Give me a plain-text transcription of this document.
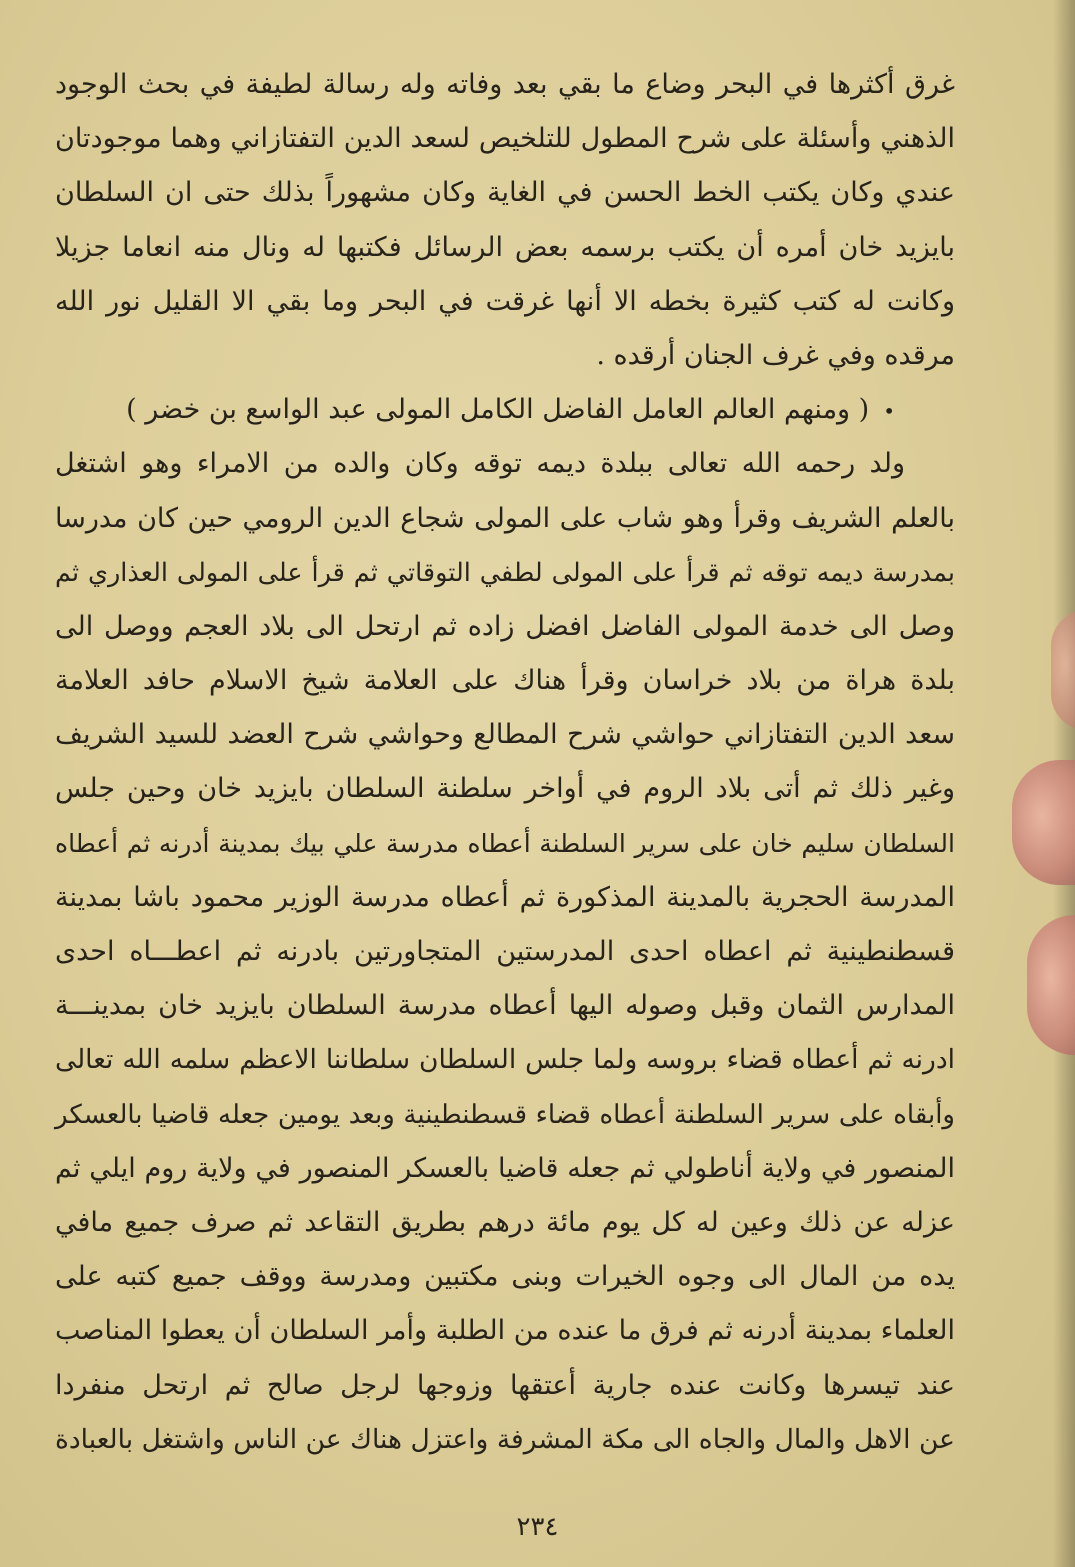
غرق أكثرها في البحر وضاع ما بقي بعد وفاته وله رسالة لطيفة في بحث الوجود
الذهني وأسئلة على شرح المطول للتلخيص لسعد الدين التفتازاني وهما موجودتان
عندي وكان يكتب الخط الحسن في الغاية وكان مشهوراً بذلك حتى ان السلطان
بايزيد خان أمره أن يكتب برسمه بعض الرسائل فكتبها له ونال منه انعاما جزيلا
وكانت له كتب كثيرة بخطه الا أنها غرقت في البحر وما بقي الا القليل نور الله
مرقده وفي غرف الجنان أرقده .
•( ومنهم العالم العامل الفاضل الكامل المولى عبد الواسع بن خضر )
ولد رحمه الله تعالى ببلدة ديمه توقه وكان والده من الامراء وهو اشتغل
بالعلم الشريف وقرأ وهو شاب على المولى شجاع الدين الرومي حين كان مدرسا
بمدرسة ديمه توقه ثم قرأ على المولى لطفي التوقاتي ثم قرأ على المولى العذاري ثم
وصل الى خدمة المولى الفاضل افضل زاده ثم ارتحل الى بلاد العجم ووصل الى
بلدة هراة من بلاد خراسان وقرأ هناك على العلامة شيخ الاسلام حافد العلامة
سعد الدين التفتازاني حواشي شرح المطالع وحواشي شرح العضد للسيد الشريف
وغير ذلك ثم أتى بلاد الروم في أواخر سلطنة السلطان بايزيد خان وحين جلس
السلطان سليم خان على سرير السلطنة أعطاه مدرسة علي بيك بمدينة أدرنه ثم أعطاه
المدرسة الحجرية بالمدينة المذكورة ثم أعطاه مدرسة الوزير محمود باشا بمدينة
قسطنطينية ثم اعطاه احدى المدرستين المتجاورتين بادرنه ثم اعطـــاه احدى
المدارس الثمان وقبل وصوله اليها أعطاه مدرسة السلطان بايزيد خان بمدينـــة
ادرنه ثم أعطاه قضاء بروسه ولما جلس السلطان سلطاننا الاعظم سلمه الله تعالى
وأبقاه على سرير السلطنة أعطاه قضاء قسطنطينية وبعد يومين جعله قاضيا بالعسكر
المنصور في ولاية أناطولي ثم جعله قاضيا بالعسكر المنصور في ولاية روم ايلي ثم
عزله عن ذلك وعين له كل يوم مائة درهم بطريق التقاعد ثم صرف جميع مافي
يده من المال الى وجوه الخيرات وبنى مكتبين ومدرسة ووقف جميع كتبه على
العلماء بمدينة أدرنه ثم فرق ما عنده من الطلبة وأمر السلطان أن يعطوا المناصب
عند تيسرها وكانت عنده جارية أعتقها وزوجها لرجل صالح ثم ارتحل منفردا
عن الاهل والمال والجاه الى مكة المشرفة واعتزل هناك عن الناس واشتغل بالعبادة
٢٣٤
